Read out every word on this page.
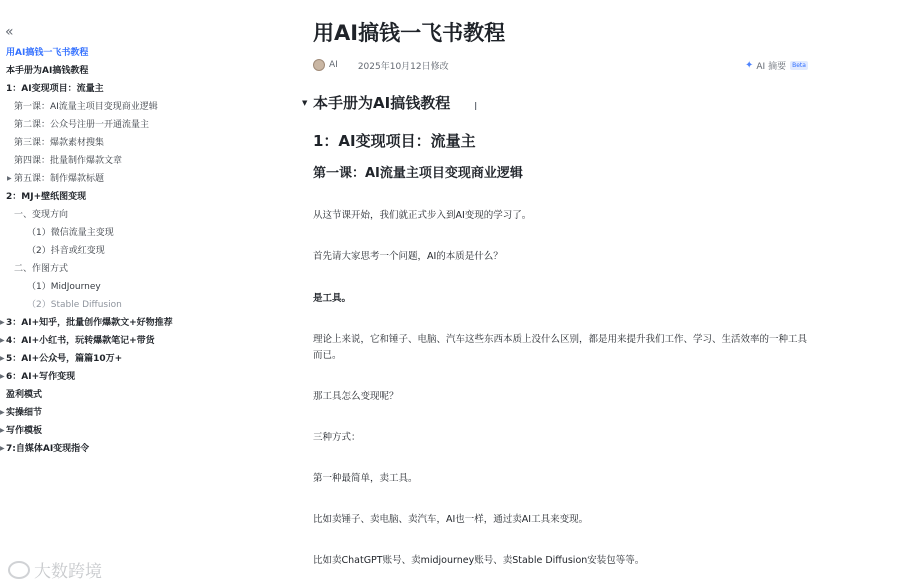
«
用AI搞钱一飞书教程
本手册为AI搞钱教程
1：AI变现项目：流量主
第一课：AI流量主项目变现商业逻辑
第二课：公众号注册一开通流量主
第三课：爆款素材搜集
第四课：批量制作爆款文章
▶ 第五课：制作爆款标题
2：MJ+壁纸图变现
一、变现方向
（1）微信流量主变现
（2）抖音或红变现
二、作图方式
（1）MidJourney
（2）Stable Diffusion
▶ 3：AI+知乎，批量创作爆款文+好物推荐
▶ 4：AI+小红书，玩转爆款笔记+带货
▶ 5：AI+公众号，篇篇10万+
▶ 6：AI+写作变现
盈利模式
▶ 实操细节
▶ 写作模板
▶ 7:自媒体AI变现指令
用AI搞钱一飞书教程
AI 2025年10月12日修改	✦ AI 摘要	Beta
▼ 本手册为AI搞钱教程 I
1：AI变现项目：流量主
第一课：AI流量主项目变现商业逻辑
从这节课开始，我们就正式步入到AI变现的学习了。
首先请大家思考一个问题，AI的本质是什么？
是工具。
理论上来说，它和锤子、电脑、汽车这些东西本质上没什么区别，都是用来提升我们工作、学习、生活效率的一种工具而已。
那工具怎么变现呢？
三种方式：
第一种最简单，卖工具。
比如卖锤子、卖电脑、卖汽车，AI也一样，通过卖AI工具来变现。
比如卖ChatGPT账号、卖midjourney账号、卖Stable Diffusion安装包等等。
大数跨境
